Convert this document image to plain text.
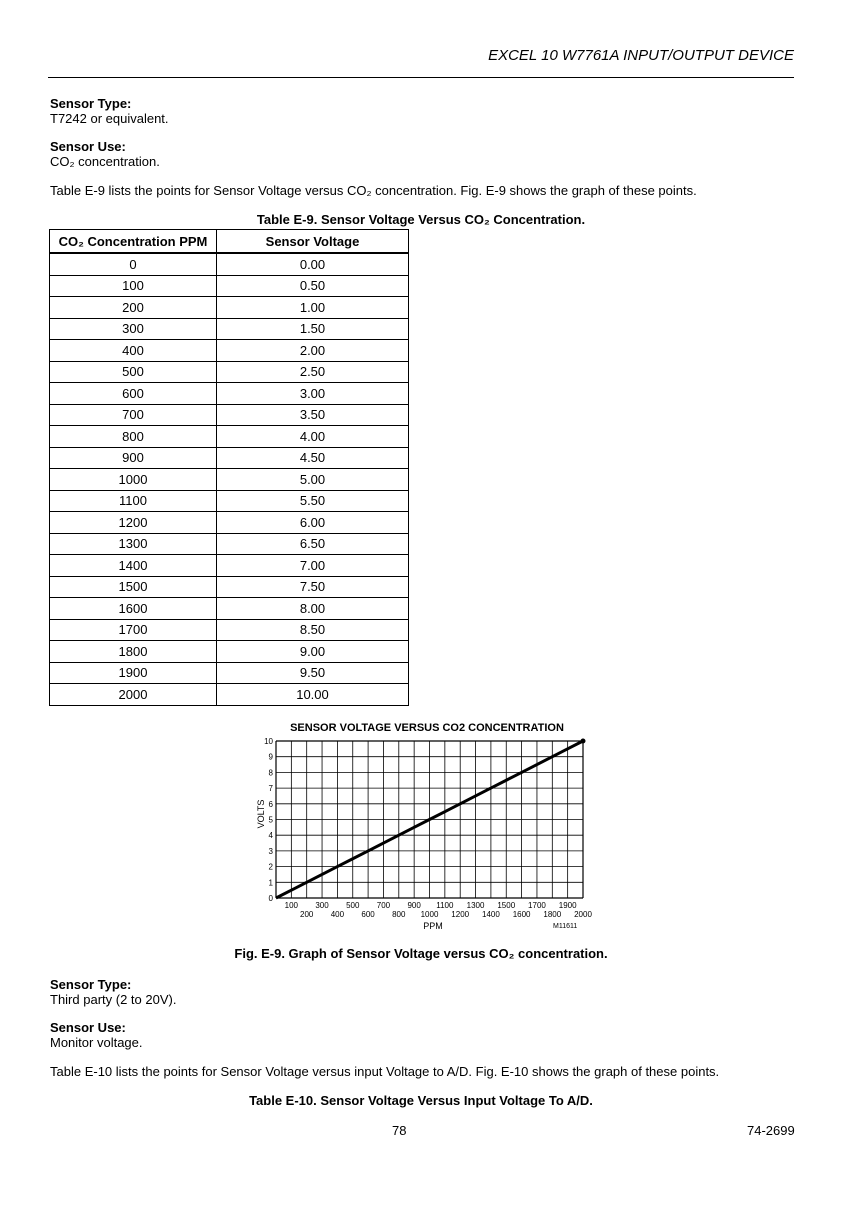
EXCEL 10 W7761A INPUT/OUTPUT DEVICE
Sensor Type:
T7242 or equivalent.
Sensor Use:
CO₂ concentration.
Table E-9 lists the points for Sensor Voltage versus CO₂ concentration. Fig. E-9 shows the graph of these points.
Table E-9. Sensor Voltage Versus CO₂ Concentration.
CO₂ Concentration PPM	Sensor Voltage
0	0.00
100	0.50
200	1.00
300	1.50
400	2.00
500	2.50
600	3.00
700	3.50
800	4.00
900	4.50
1000	5.00
1100	5.50
1200	6.00
1300	6.50
1400	7.00
1500	7.50
1600	8.00
1700	8.50
1800	9.00
1900	9.50
2000	10.00
SENSOR VOLTAGE VERSUS CO2 CONCENTRATION
0
1
2
3
4
5
6
7
8
9
10
100 300 500 700 900 1100 1300 1500 1700 1900
200 400 600 800 1000 1200 1400 1600 1800 2000
VOLTS
PPM	M11611
Fig. E-9. Graph of Sensor Voltage versus CO₂ concentration.
Sensor Type:
Third party (2 to 20V).
Sensor Use:
Monitor voltage.
Table E-10 lists the points for Sensor Voltage versus input Voltage to A/D. Fig. E-10 shows the graph of these points.
Table E-10. Sensor Voltage Versus Input Voltage To A/D.
78	74-2699
